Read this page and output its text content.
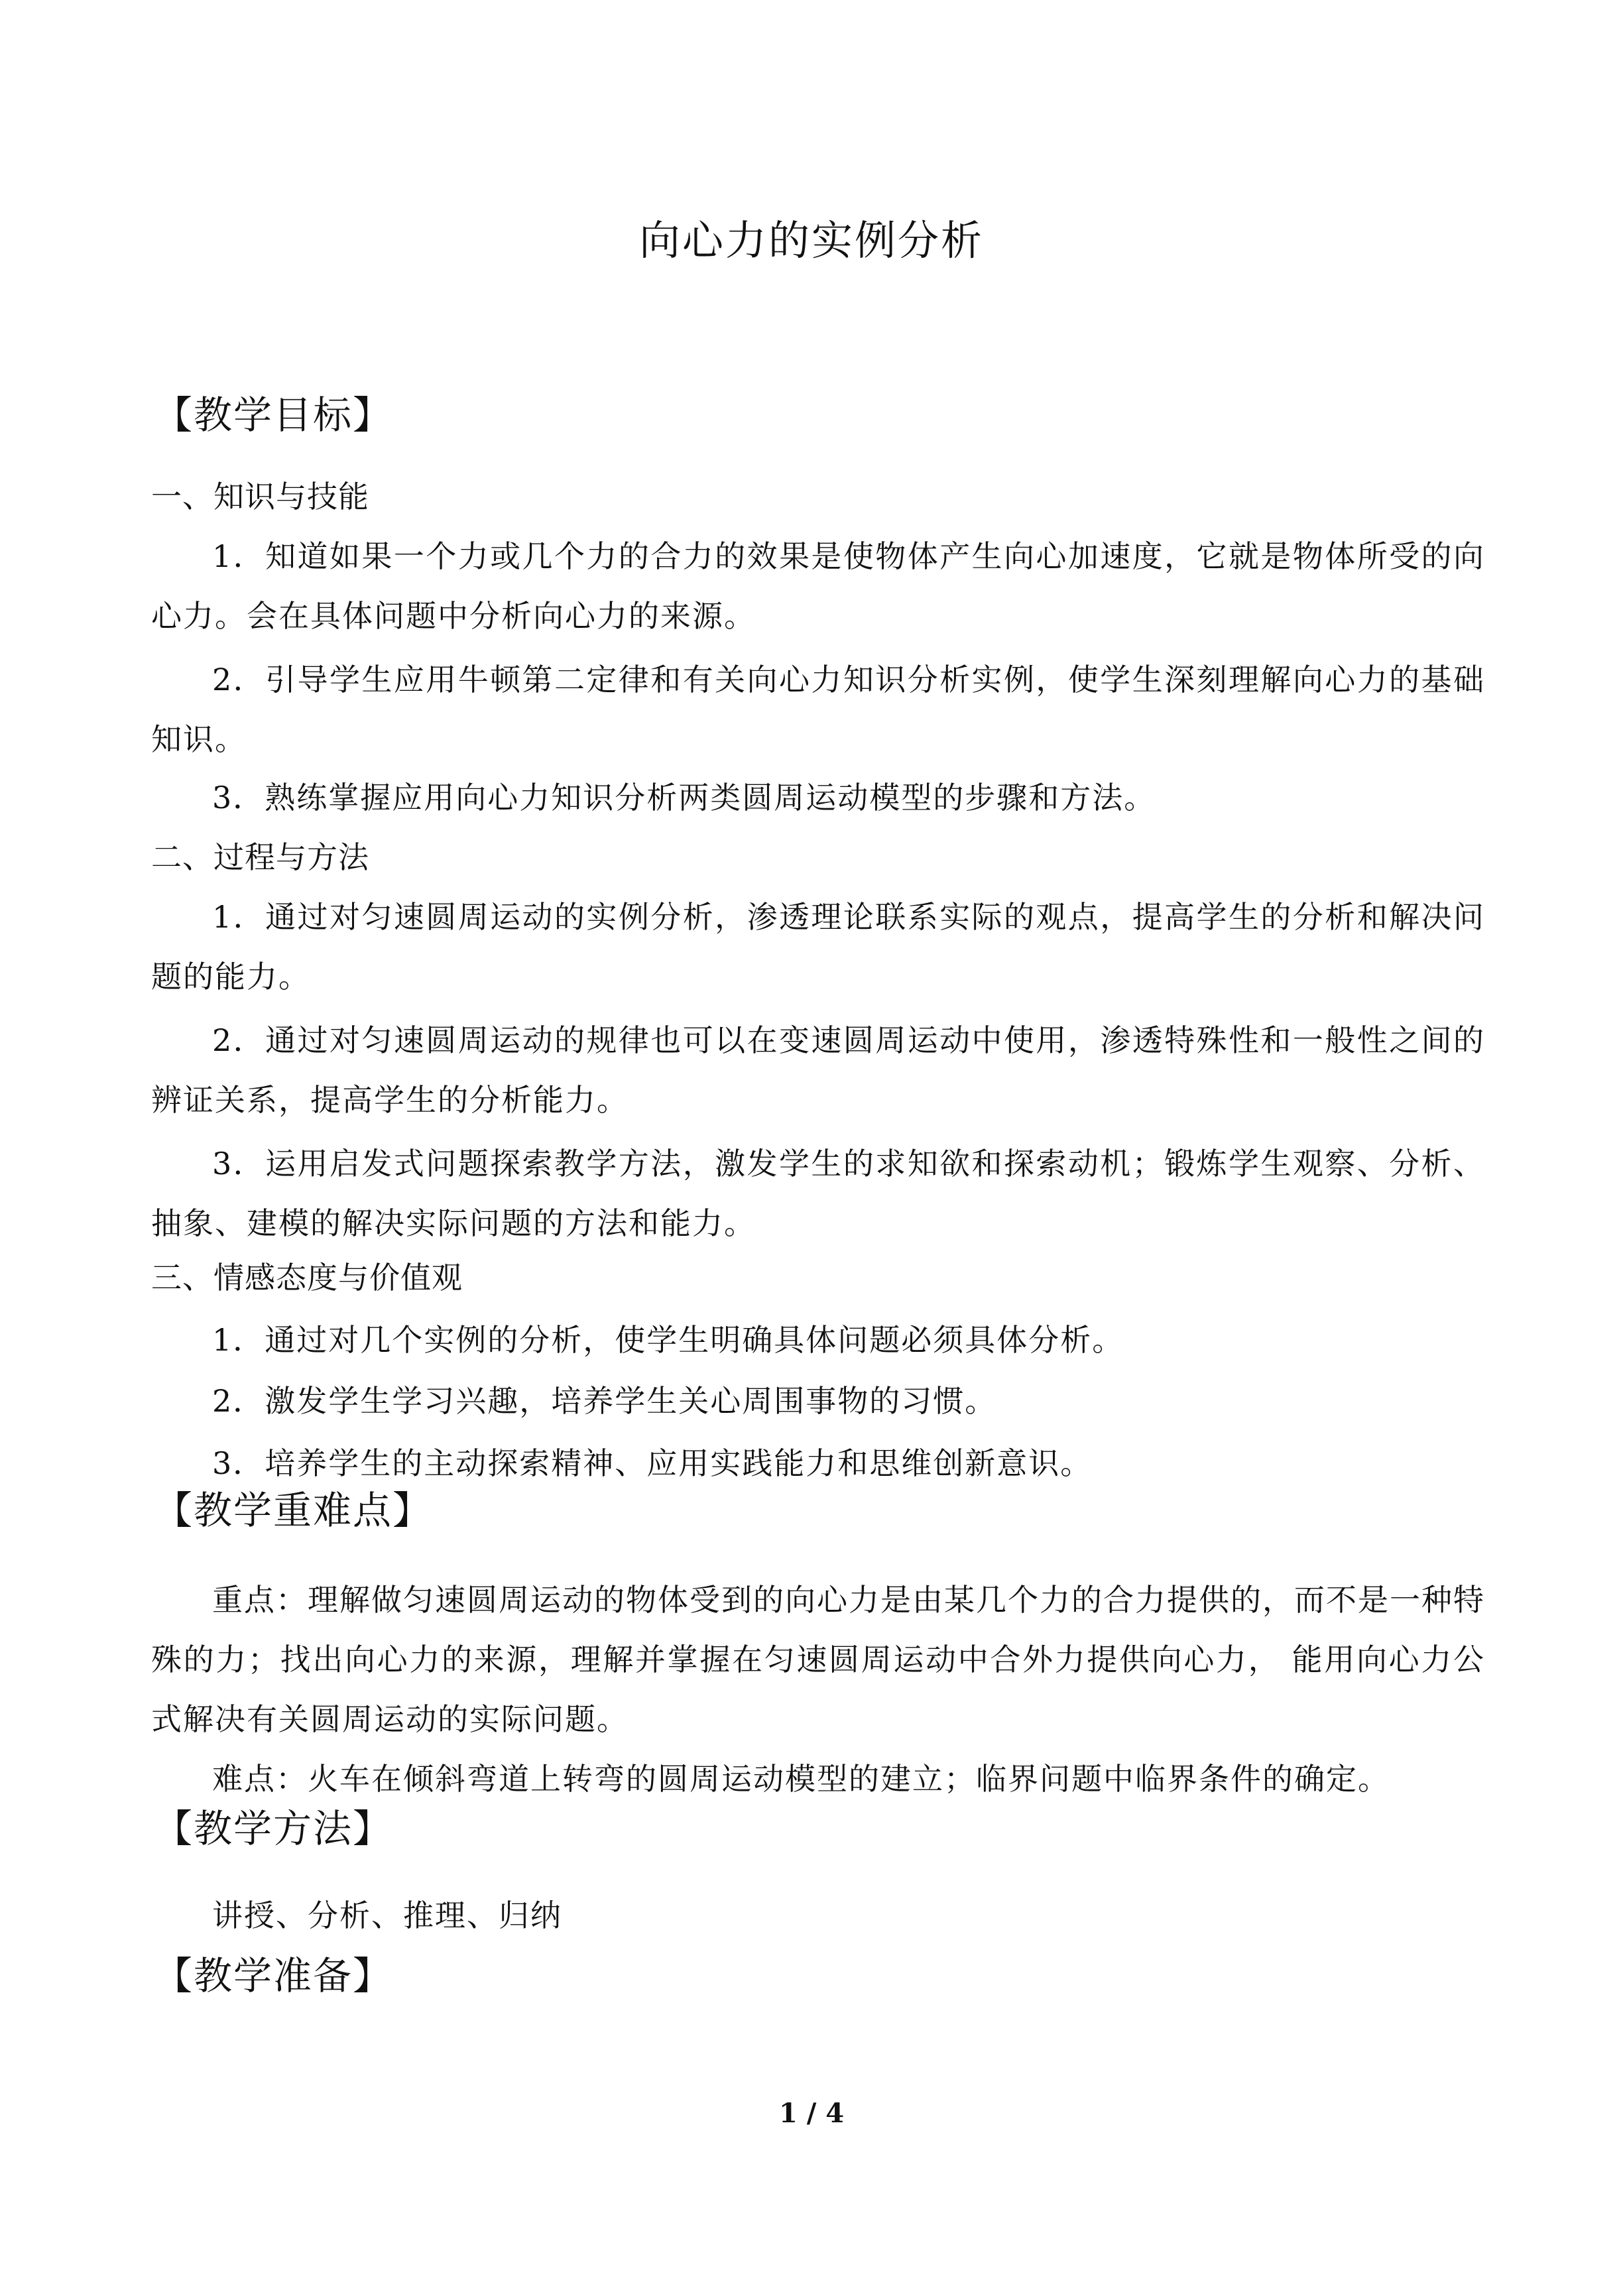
向心力的实例分析
【教学目标】
一、知识与技能
1．知道如果一个力或几个力的合力的效果是使物体产生向心加速度，它就是物体所受的向心力。会在具体问题中分析向心力的来源。
2．引导学生应用牛顿第二定律和有关向心力知识分析实例，使学生深刻理解向心力的基础知识。
3．熟练掌握应用向心力知识分析两类圆周运动模型的步骤和方法。
二、过程与方法
1．通过对匀速圆周运动的实例分析，渗透理论联系实际的观点，提高学生的分析和解决问题的能力。
2．通过对匀速圆周运动的规律也可以在变速圆周运动中使用，渗透特殊性和一般性之间的辨证关系，提高学生的分析能力。
3．运用启发式问题探索教学方法，激发学生的求知欲和探索动机；锻炼学生观察、分析、抽象、建模的解决实际问题的方法和能力。
三、情感态度与价值观
1．通过对几个实例的分析，使学生明确具体问题必须具体分析。
2．激发学生学习兴趣，培养学生关心周围事物的习惯。
3．培养学生的主动探索精神、应用实践能力和思维创新意识。
【教学重难点】
重点：理解做匀速圆周运动的物体受到的向心力是由某几个力的合力提供的，而不是一种特殊的力；找出向心力的来源，理解并掌握在匀速圆周运动中合外力提供向心力， 能用向心力公式解决有关圆周运动的实际问题。
难点：火车在倾斜弯道上转弯的圆周运动模型的建立；临界问题中临界条件的确定。
【教学方法】
讲授、分析、推理、归纳
【教学准备】
1 / 4
